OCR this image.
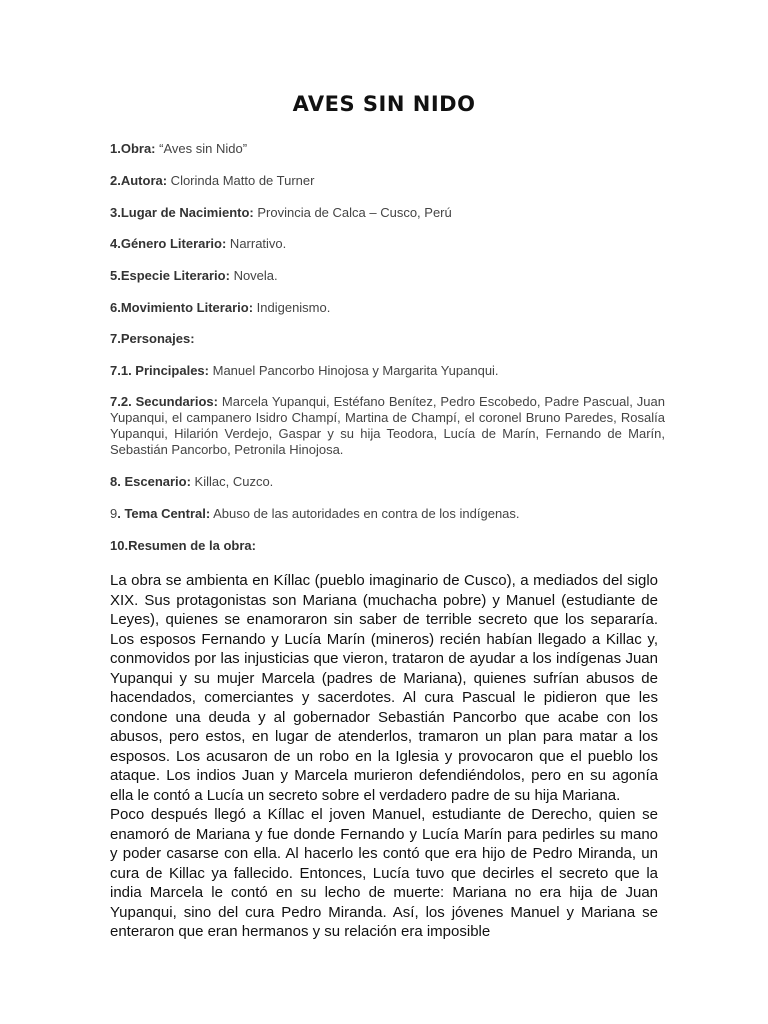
AVES SIN NIDO

1.Obra: “Aves sin Nido”

2.Autora: Clorinda Matto de Turner

3.Lugar de Nacimiento: Provincia de Calca – Cusco, Perú

4.Género Literario: Narrativo.

5.Especie Literario: Novela.

6.Movimiento Literario: Indigenismo.

7.Personajes:

7.1. Principales: Manuel Pancorbo Hinojosa y Margarita Yupanqui.

7.2. Secundarios: Marcela Yupanqui, Estéfano Benítez, Pedro Escobedo, Padre Pascual, Juan Yupanqui, el campanero Isidro Champí, Martina de Champí, el coronel Bruno Paredes, Rosalía Yupanqui, Hilarión Verdejo, Gaspar y su hija Teodora, Lucía de Marín, Fernando de Marín, Sebastián Pancorbo, Petronila Hinojosa.

8. Escenario: Killac, Cuzco.

9. Tema Central: Abuso de las autoridades en contra de los indígenas.

10.Resumen de la obra:

La obra se ambienta en Kíllac (pueblo imaginario de Cusco), a mediados del siglo XIX. Sus protagonistas son Mariana (muchacha pobre) y Manuel (estudiante de Leyes), quienes se enamoraron sin saber de terrible secreto que los separaría. Los esposos Fernando y Lucía Marín (mineros) recién habían llegado a Killac y, conmovidos por las injusticias que vieron, trataron de ayudar a los indígenas Juan Yupanqui y su mujer Marcela (padres de Mariana), quienes sufrían abusos de hacendados, comerciantes y sacerdotes. Al cura Pascual le pidieron que les condone una deuda y al gobernador Sebastián Pancorbo que acabe con los abusos, pero estos, en lugar de atenderlos, tramaron un plan para matar a los esposos. Los acusaron de un robo en la Iglesia y provocaron que el pueblo los ataque. Los indios Juan y Marcela murieron defendiéndolos, pero en su agonía ella le contó a Lucía un secreto sobre el verdadero padre de su hija Mariana.

Poco después llegó a Kíllac el joven Manuel, estudiante de Derecho, quien se enamoró de Mariana y fue donde Fernando y Lucía Marín para pedirles su mano y poder casarse con ella. Al hacerlo les contó que era hijo de Pedro Miranda, un cura de Killac ya fallecido. Entonces, Lucía tuvo que decirles el secreto que la india Marcela le contó en su lecho de muerte: Mariana no era hija de Juan Yupanqui, sino del cura Pedro Miranda. Así, los jóvenes Manuel y Mariana se enteraron que eran hermanos y su relación era imposible
